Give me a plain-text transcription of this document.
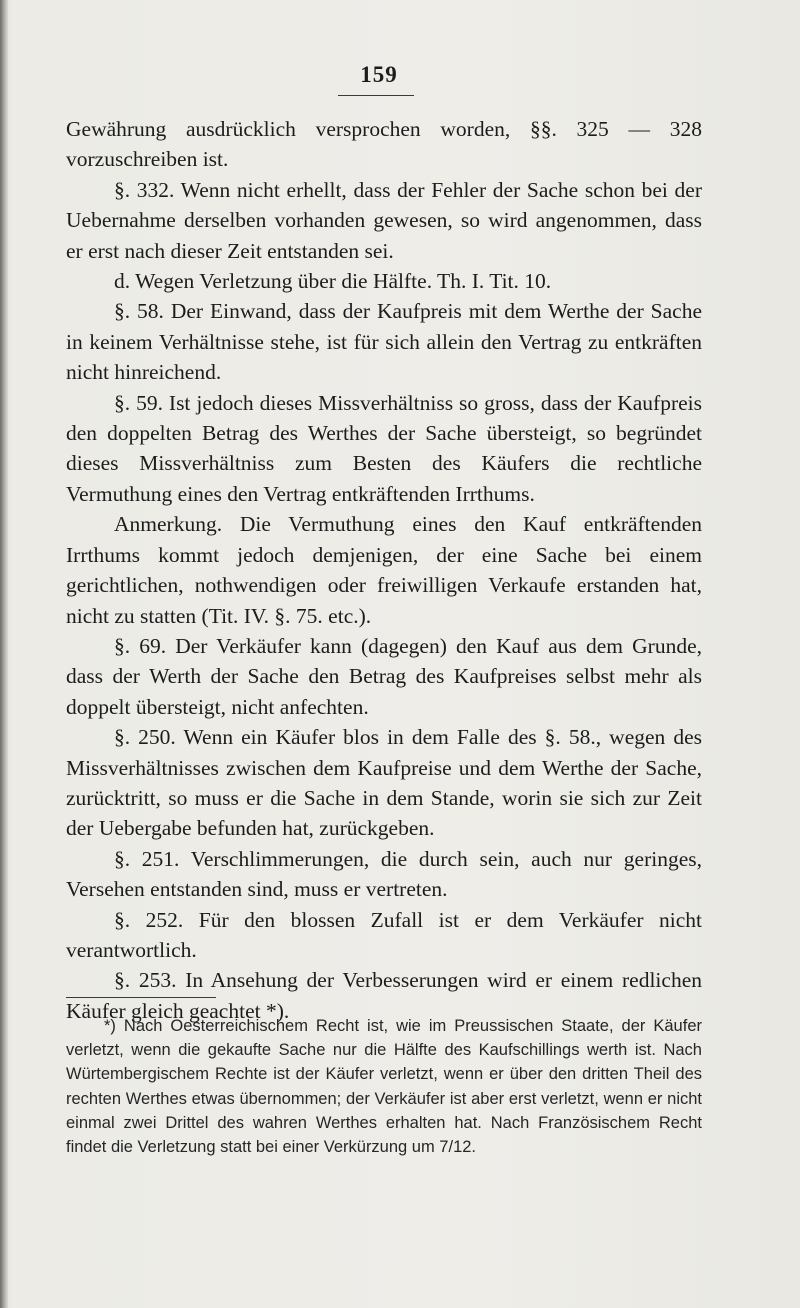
159

Gewährung ausdrücklich versprochen worden, §§. 325 — 328 vorzuschreiben ist.

§. 332. Wenn nicht erhellt, dass der Fehler der Sache schon bei der Uebernahme derselben vorhanden gewesen, so wird angenommen, dass er erst nach dieser Zeit entstanden sei.

d. Wegen Verletzung über die Hälfte. Th. I. Tit. 10.

§. 58. Der Einwand, dass der Kaufpreis mit dem Werthe der Sache in keinem Verhältnisse stehe, ist für sich allein den Vertrag zu entkräften nicht hinreichend.

§. 59. Ist jedoch dieses Missverhältniss so gross, dass der Kaufpreis den doppelten Betrag des Werthes der Sache übersteigt, so begründet dieses Missverhältniss zum Besten des Käufers die rechtliche Vermuthung eines den Vertrag entkräftenden Irrthums.

Anmerkung. Die Vermuthung eines den Kauf entkräftenden Irrthums kommt jedoch demjenigen, der eine Sache bei einem gerichtlichen, nothwendigen oder freiwilligen Verkaufe erstanden hat, nicht zu statten (Tit. IV. §. 75. etc.).

§. 69. Der Verkäufer kann (dagegen) den Kauf aus dem Grunde, dass der Werth der Sache den Betrag des Kaufpreises selbst mehr als doppelt übersteigt, nicht anfechten.

§. 250. Wenn ein Käufer blos in dem Falle des §. 58., wegen des Missverhältnisses zwischen dem Kaufpreise und dem Werthe der Sache, zurücktritt, so muss er die Sache in dem Stande, worin sie sich zur Zeit der Uebergabe befunden hat, zurückgeben.

§. 251. Verschlimmerungen, die durch sein, auch nur geringes, Versehen entstanden sind, muss er vertreten.

§. 252. Für den blossen Zufall ist er dem Verkäufer nicht verantwortlich.

§. 253. In Ansehung der Verbesserungen wird er einem redlichen Käufer gleich geachtet *).

*) Nach Oesterreichischem Recht ist, wie im Preussischen Staate, der Käufer verletzt, wenn die gekaufte Sache nur die Hälfte des Kaufschillings werth ist. Nach Würtembergischem Rechte ist der Käufer verletzt, wenn er über den dritten Theil des rechten Werthes etwas übernommen; der Verkäufer ist aber erst verletzt, wenn er nicht einmal zwei Drittel des wahren Werthes erhalten hat. Nach Französischem Recht findet die Verletzung statt bei einer Verkürzung um 7/12.
